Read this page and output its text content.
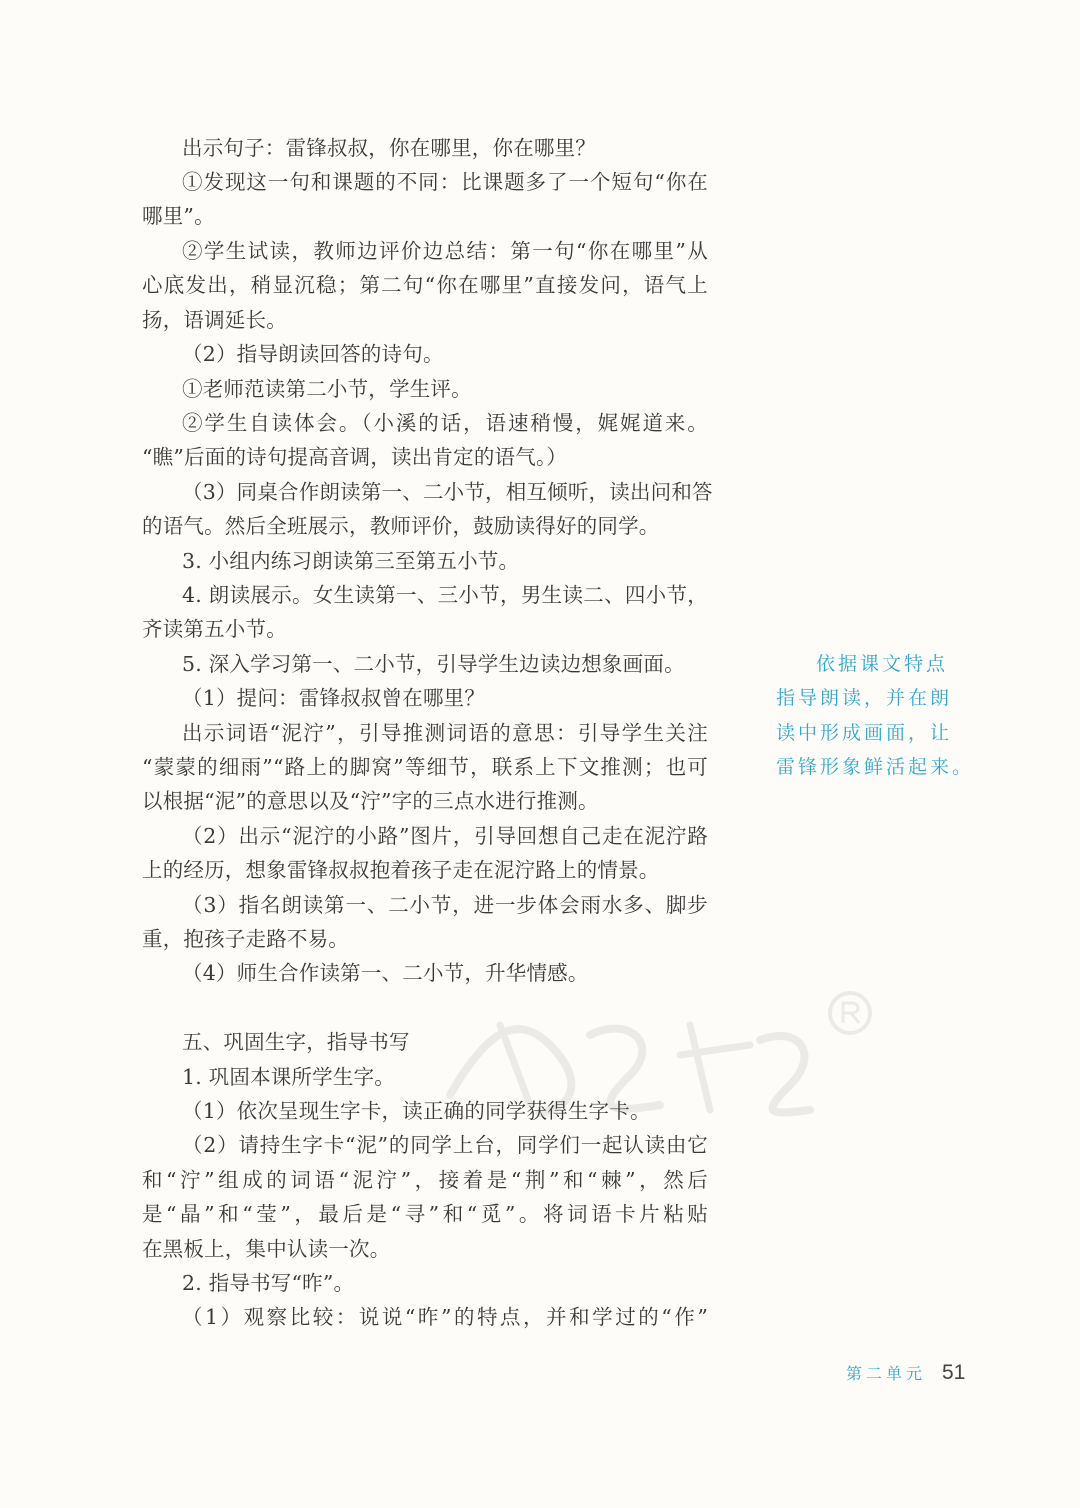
出示句子：雷锋叔叔，你在哪里，你在哪里？
①发现这一句和课题的不同：比课题多了一个短句“你在
哪里”。
②学生试读，教师边评价边总结：第一句“你在哪里”从
心底发出，稍显沉稳；第二句“你在哪里”直接发问，语气上
扬，语调延长。
（2）指导朗读回答的诗句。
①老师范读第二小节，学生评。
②学生自读体会。（小溪的话，语速稍慢，娓娓道来。
“瞧”后面的诗句提高音调，读出肯定的语气。）
（3）同桌合作朗读第一、二小节，相互倾听，读出问和答
的语气。然后全班展示，教师评价，鼓励读得好的同学。
3. 小组内练习朗读第三至第五小节。
4. 朗读展示。女生读第一、三小节，男生读二、四小节，
齐读第五小节。
5. 深入学习第一、二小节，引导学生边读边想象画面。
（1）提问：雷锋叔叔曾在哪里？
出示词语“泥泞”，引导推测词语的意思：引导学生关注
“蒙蒙的细雨”“路上的脚窝”等细节，联系上下文推测；也可
以根据“泥”的意思以及“泞”字的三点水进行推测。
（2）出示“泥泞的小路”图片，引导回想自己走在泥泞路
上的经历，想象雷锋叔叔抱着孩子走在泥泞路上的情景。
（3）指名朗读第一、二小节，进一步体会雨水多、脚步
重，抱孩子走路不易。
（4）师生合作读第一、二小节，升华情感。
五、巩固生字，指导书写
1. 巩固本课所学生字。
（1）依次呈现生字卡，读正确的同学获得生字卡。
（2）请持生字卡“泥”的同学上台，同学们一起认读由它
和“泞”组成的词语“泥泞”，接着是“荆”和“棘”，然后
是“晶”和“莹”，最后是“寻”和“觅”。将词语卡片粘贴
在黑板上，集中认读一次。
2. 指导书写“昨”。
（1）观察比较：说说“昨”的特点，并和学过的“作”
依据课文特点
指导朗读，并在朗
读中形成画面，让
雷锋形象鲜活起来。
第二单元 51
